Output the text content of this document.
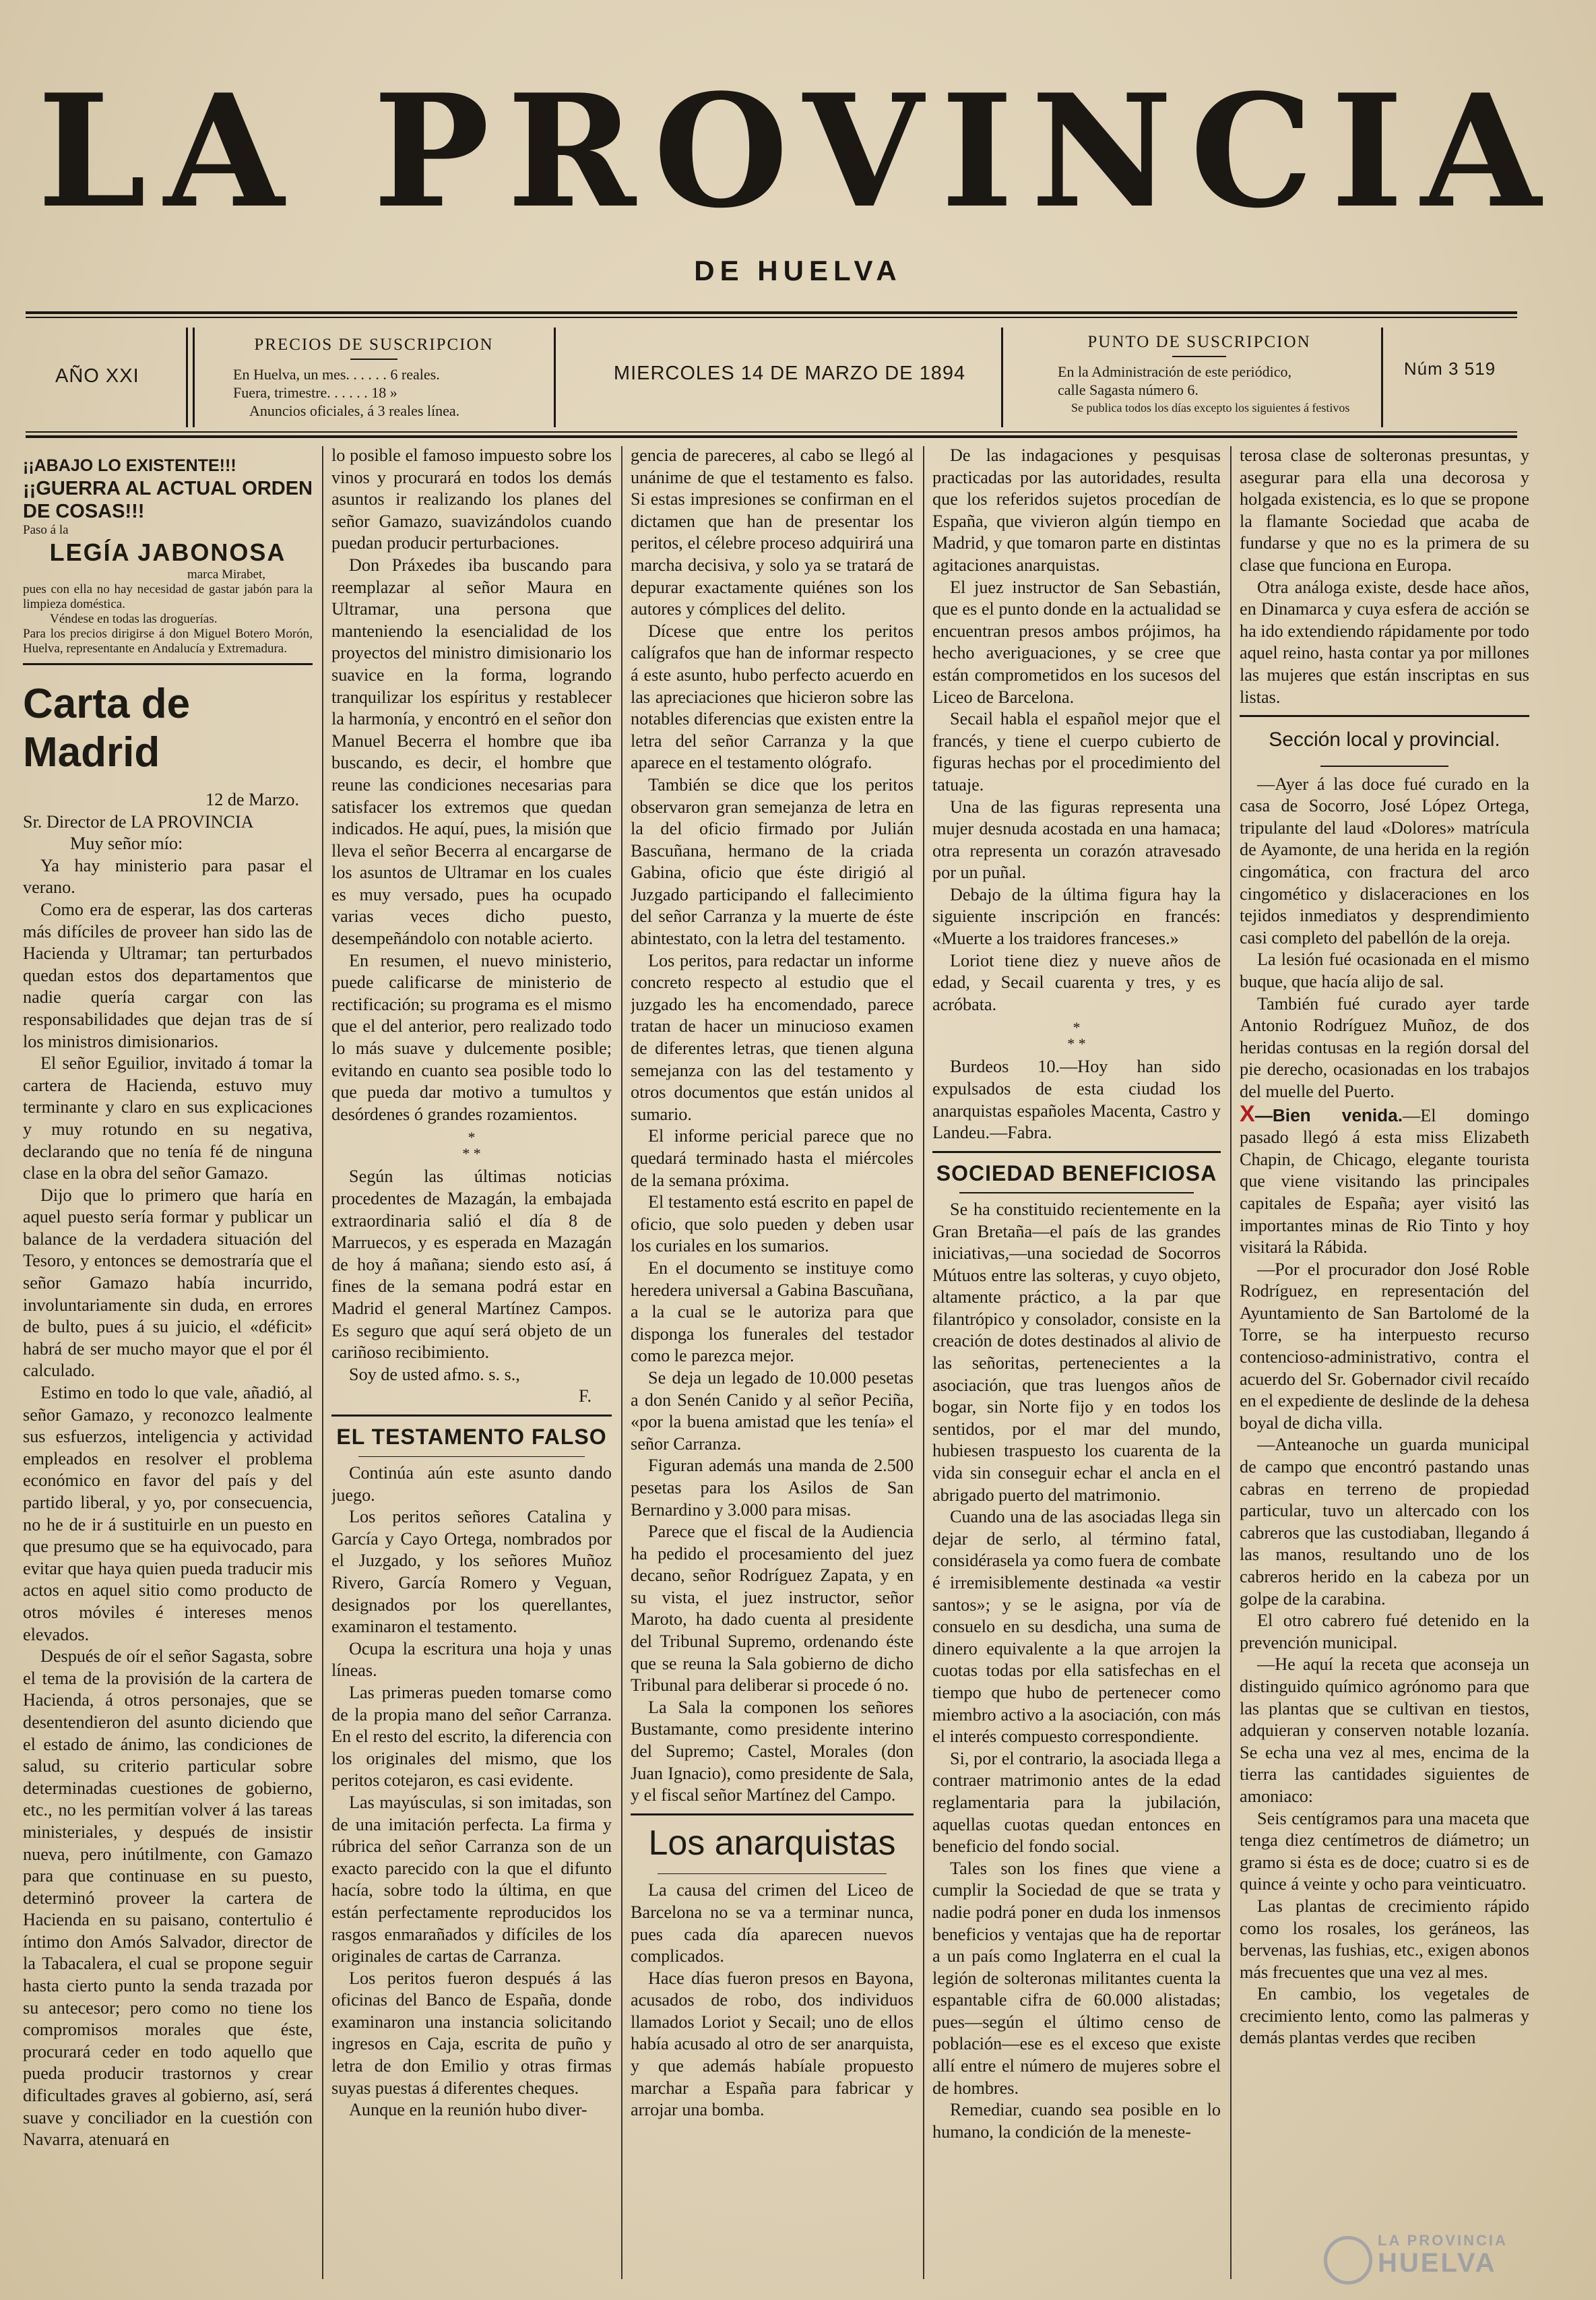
LA PROVINCIA
DE HUELVA
AÑO XXI
PRECIOS DE SUSCRIPCION
En Huelva, un mes. . . . . . 6 reales.
Fuera, trimestre. . . . . . 18 »
Anuncios oficiales, á 3 reales línea.
MIERCOLES 14 DE MARZO DE 1894
PUNTO DE SUSCRIPCION
En la Administración de este periódico,
calle Sagasta número 6.
Se publica todos los días excepto los siguientes á festivos
Núm 3 519
¡¡ABAJO LO EXISTENTE!!!
¡¡GUERRA AL ACTUAL ORDEN DE COSAS!!!
Paso á la
LEGÍA JABONOSA
marca Mirabet,
pues con ella no hay necesidad de gastar jabón para la limpieza doméstica.
Véndese en todas las droguerías.
Para los precios dirigirse á don Miguel Botero Morón, Huelva, representante en Andalucía y Extremadura.
Carta de Madrid
12 de Marzo.
Sr. Director de LA PROVINCIA
Muy señor mío:

Ya hay ministerio para pasar el verano.

Como era de esperar, las dos carteras más difíciles de proveer han sido las de Hacienda y Ultramar; tan perturbados quedan estos dos departamentos que nadie quería cargar con las responsabilidades que dejan tras de sí los ministros dimisionarios.

El señor Eguilior, invitado á tomar la cartera de Hacienda, estuvo muy terminante y claro en sus explicaciones y muy rotundo en su negativa, declarando que no tenía fé de ninguna clase en la obra del señor Gamazo.

Dijo que lo primero que haría en aquel puesto sería formar y publicar un balance de la verdadera situación del Tesoro, y entonces se demostraría que el señor Gamazo había incurrido, involuntariamente sin duda, en errores de bulto, pues á su juicio, el «déficit» habrá de ser mucho mayor que el por él calculado.

Estimo en todo lo que vale, añadió, al señor Gamazo, y reconozco lealmente sus esfuerzos, inteligencia y actividad empleados en resolver el problema económico en favor del país y del partido liberal, y yo, por consecuencia, no he de ir á sustituirle en un puesto en que presumo que se ha equivocado, para evitar que haya quien pueda traducir mis actos en aquel sitio como producto de otros móviles é intereses menos elevados.

Después de oír el señor Sagasta, sobre el tema de la provisión de la cartera de Hacienda, á otros personajes, que se desentendieron del asunto diciendo que el estado de ánimo, las condiciones de salud, su criterio particular sobre determinadas cuestiones de gobierno, etc., no les permitían volver á las tareas ministeriales, y después de insistir nueva, pero inútilmente, con Gamazo para que continuase en su puesto, determinó proveer la cartera de Hacienda en su paisano, contertulio é íntimo don Amós Salvador, director de la Tabacalera, el cual se propone seguir hasta cierto punto la senda trazada por su antecesor; pero como no tiene los compromisos morales que éste, procurará ceder en todo aquello que pueda producir trastornos y crear dificultades graves al gobierno, así, será suave y conciliador en la cuestión con Navarra, atenuará en

lo posible el famoso impuesto sobre los vinos y procurará en todos los demás asuntos ir realizando los planes del señor Gamazo, suavizándolos cuando puedan producir perturbaciones.

Don Práxedes iba buscando para reemplazar al señor Maura en Ultramar, una persona que manteniendo la esencialidad de los proyectos del ministro dimisionario los suavice en la forma, logrando tranquilizar los espíritus y restablecer la harmonía, y encontró en el señor don Manuel Becerra el hombre que iba buscando, es decir, el hombre que reune las condiciones necesarias para satisfacer los extremos que quedan indicados. He aquí, pues, la misión que lleva el señor Becerra al encargarse de los asuntos de Ultramar en los cuales es muy versado, pues ha ocupado varias veces dicho puesto, desempeñándolo con notable acierto.

En resumen, el nuevo ministerio, puede calificarse de ministerio de rectificación; su programa es el mismo que el del anterior, pero realizado todo lo más suave y dulcemente posible; evitando en cuanto sea posible todo lo que pueda dar motivo a tumultos y desórdenes ó grandes rozamientos.

*
* *

Según las últimas noticias procedentes de Mazagán, la embajada extraordinaria salió el día 8 de Marruecos, y es esperada en Mazagán de hoy á mañana; siendo esto así, á fines de la semana podrá estar en Madrid el general Martínez Campos. Es seguro que aquí será objeto de un cariñoso recibimiento.

Soy de usted afmo. s. s.,

F.
EL TESTAMENTO FALSO

Continúa aún este asunto dando juego.

Los peritos señores Catalina y García y Cayo Ortega, nombrados por el Juzgado, y los señores Muñoz Rivero, García Romero y Veguan, designados por los querellantes, examinaron el testamento.

Ocupa la escritura una hoja y unas líneas.

Las primeras pueden tomarse como de la propia mano del señor Carranza. En el resto del escrito, la diferencia con los originales del mismo, que los peritos cotejaron, es casi evidente.

Las mayúsculas, si son imitadas, son de una imitación perfecta. La firma y rúbrica del señor Carranza son de un exacto parecido con la que el difunto hacía, sobre todo la última, en que están perfectamente reproducidos los rasgos enmarañados y difíciles de los originales de cartas de Carranza.

Los peritos fueron después á las oficinas del Banco de España, donde examinaron una instancia solicitando ingresos en Caja, escrita de puño y letra de don Emilio y otras firmas suyas puestas á diferentes cheques.

Aunque en la reunión hubo diver-

gencia de pareceres, al cabo se llegó al unánime de que el testamento es falso. Si estas impresiones se confirman en el dictamen que han de presentar los peritos, el célebre proceso adquirirá una marcha decisiva, y solo ya se tratará de depurar exactamente quiénes son los autores y cómplices del delito.

Dícese que entre los peritos calígrafos que han de informar respecto á este asunto, hubo perfecto acuerdo en las apreciaciones que hicieron sobre las notables diferencias que existen entre la letra del señor Carranza y la que aparece en el testamento ológrafo.

También se dice que los peritos observaron gran semejanza de letra en la del oficio firmado por Julián Bascuñana, hermano de la criada Gabina, oficio que éste dirigió al Juzgado participando el fallecimiento del señor Carranza y la muerte de éste abintestato, con la letra del testamento.

Los peritos, para redactar un informe concreto respecto al estudio que el juzgado les ha encomendado, parece tratan de hacer un minucioso examen de diferentes letras, que tienen alguna semejanza con las del testamento y otros documentos que están unidos al sumario.

El informe pericial parece que no quedará terminado hasta el miércoles de la semana próxima.

El testamento está escrito en papel de oficio, que solo pueden y deben usar los curiales en los sumarios.

En el documento se instituye como heredera universal a Gabina Bascuñana, a la cual se le autoriza para que disponga los funerales del testador como le parezca mejor.

Se deja un legado de 10.000 pesetas a don Senén Canido y al señor Peciña, «por la buena amistad que les tenía» el señor Carranza.

Figuran además una manda de 2.500 pesetas para los Asilos de San Bernardino y 3.000 para misas.

Parece que el fiscal de la Audiencia ha pedido el procesamiento del juez decano, señor Rodríguez Zapata, y en su vista, el juez instructor, señor Maroto, ha dado cuenta al presidente del Tribunal Supremo, ordenando éste que se reuna la Sala gobierno de dicho Tribunal para deliberar si procede ó no.

La Sala la componen los señores Bustamante, como presidente interino del Supremo; Castel, Morales (don Juan Ignacio), como presidente de Sala, y el fiscal señor Martínez del Campo.

Los anarquistas

La causa del crimen del Liceo de Barcelona no se va a terminar nunca, pues cada día aparecen nuevos complicados.

Hace días fueron presos en Bayona, acusados de robo, dos individuos llamados Loriot y Secail; uno de ellos había acusado al otro de ser anarquista, y que además habíale propuesto marchar a España para fabricar y arrojar una bomba.

De las indagaciones y pesquisas practicadas por las autoridades, resulta que los referidos sujetos procedían de España, que vivieron algún tiempo en Madrid, y que tomaron parte en distintas agitaciones anarquistas.

El juez instructor de San Sebastián, que es el punto donde en la actualidad se encuentran presos ambos prójimos, ha hecho averiguaciones, y se cree que están comprometidos en los sucesos del Liceo de Barcelona.

Secail habla el español mejor que el francés, y tiene el cuerpo cubierto de figuras hechas por el procedimiento del tatuaje.

Una de las figuras representa una mujer desnuda acostada en una hamaca; otra representa un corazón atravesado por un puñal.

Debajo de la última figura hay la siguiente inscripción en francés: «Muerte a los traidores franceses.»

Loriot tiene diez y nueve años de edad, y Secail cuarenta y tres, y es acróbata.

*
* *

Burdeos 10.—Hoy han sido expulsados de esta ciudad los anarquistas españoles Macenta, Castro y Landeu.—Fabra.

SOCIEDAD BENEFICIOSA

Se ha constituido recientemente en la Gran Bretaña—el país de las grandes iniciativas,—una sociedad de Socorros Mútuos entre las solteras, y cuyo objeto, altamente práctico, a la par que filantrópico y consolador, consiste en la creación de dotes destinados al alivio de las señoritas, pertenecientes a la asociación, que tras luengos años de bogar, sin Norte fijo y en todos los sentidos, por el mar del mundo, hubiesen traspuesto los cuarenta de la vida sin conseguir echar el ancla en el abrigado puerto del matrimonio.

Cuando una de las asociadas llega sin dejar de serlo, al término fatal, considérasela ya como fuera de combate é irremisiblemente destinada «a vestir santos»; y se le asigna, por vía de consuelo en su desdicha, una suma de dinero equivalente a la que arrojen la cuotas todas por ella satisfechas en el tiempo que hubo de pertenecer como miembro activo a la asociación, con más el interés compuesto correspondiente.

Si, por el contrario, la asociada llega a contraer matrimonio antes de la edad reglamentaria para la jubilación, aquellas cuotas quedan entonces en beneficio del fondo social.

Tales son los fines que viene a cumplir la Sociedad de que se trata y nadie podrá poner en duda los inmensos beneficios y ventajas que ha de reportar a un país como Inglaterra en el cual la legión de solteronas militantes cuenta la espantable cifra de 60.000 alistadas; pues—según el último censo de población—ese es el exceso que existe allí entre el número de mujeres sobre el de hombres.

Remediar, cuando sea posible en lo humano, la condición de la meneste-

terosa clase de solteronas presuntas, y asegurar para ella una decorosa y holgada existencia, es lo que se propone la flamante Sociedad que acaba de fundarse y que no es la primera de su clase que funciona en Europa.

Otra análoga existe, desde hace años, en Dinamarca y cuya esfera de acción se ha ido extendiendo rápidamente por todo aquel reino, hasta contar ya por millones las mujeres que están inscriptas en sus listas.

Sección local y provincial.

—Ayer á las doce fué curado en la casa de Socorro, José López Ortega, tripulante del laud «Dolores» matrícula de Ayamonte, de una herida en la región cingomática, con fractura del arco cingomético y dislaceraciones en los tejidos inmediatos y desprendimiento casi completo del pabellón de la oreja.

La lesión fué ocasionada en el mismo buque, que hacía alijo de sal.

También fué curado ayer tarde Antonio Rodríguez Muñoz, de dos heridas contusas en la región dorsal del pie derecho, ocasionadas en los trabajos del muelle del Puerto.

X—Bien venida.—El domingo pasado llegó á esta miss Elizabeth Chapin, de Chicago, elegante tourista que viene visitando las principales capitales de España; ayer visitó las importantes minas de Rio Tinto y hoy visitará la Rábida.

—Por el procurador don José Roble Rodríguez, en representación del Ayuntamiento de San Bartolomé de la Torre, se ha interpuesto recurso contencioso-administrativo, contra el acuerdo del Sr. Gobernador civil recaído en el expediente de deslinde de la dehesa boyal de dicha villa.

—Anteanoche un guarda municipal de campo que encontró pastando unas cabras en terreno de propiedad particular, tuvo un altercado con los cabreros que las custodiaban, llegando á las manos, resultando uno de los cabreros herido en la cabeza por un golpe de la carabina.

El otro cabrero fué detenido en la prevención municipal.

—He aquí la receta que aconseja un distinguido químico agrónomo para que las plantas que se cultivan en tiestos, adquieran y conserven notable lozanía. Se echa una vez al mes, encima de la tierra las cantidades siguientes de amoniaco:

Seis centígramos para una maceta que tenga diez centímetros de diámetro; un gramo si ésta es de doce; cuatro si es de quince á veinte y ocho para veinticuatro.

Las plantas de crecimiento rápido como los rosales, los geráneos, las bervenas, las fushias, etc., exigen abonos más frecuentes que una vez al mes.

En cambio, los vegetales de crecimiento lento, como las palmeras y demás plantas verdes que reciben

LA PROVINCIA
HUELVA
